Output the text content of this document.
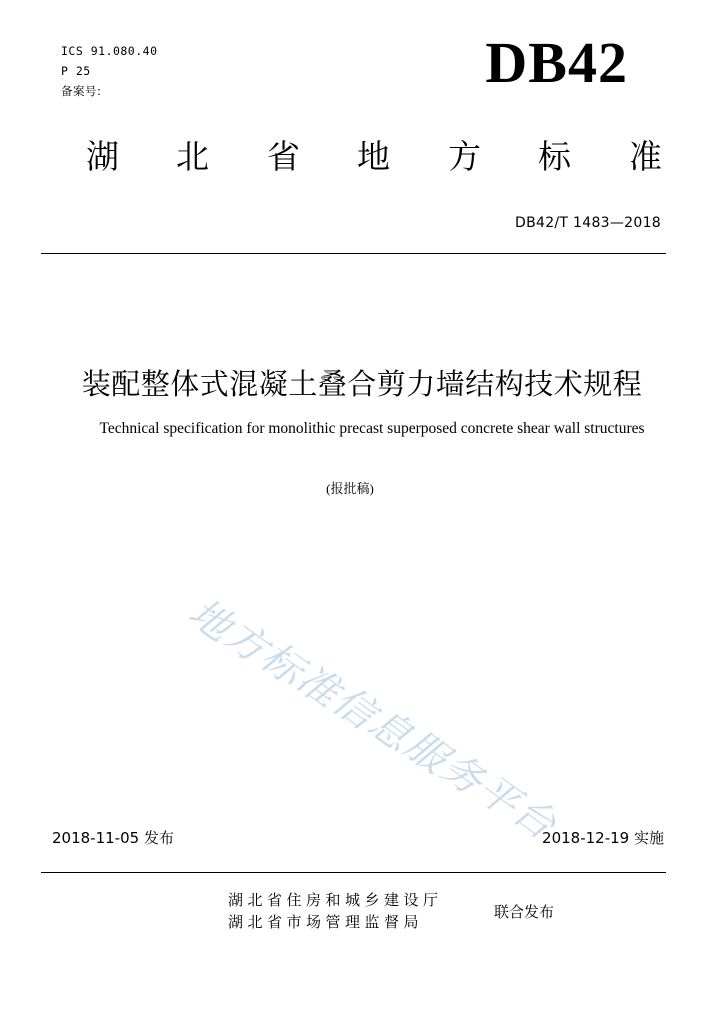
ICS 91.080.40
P 25
备案号:	DB42
湖 北 省 地 方 标 准
DB42/T 1483—2018
装配整体式混凝土叠合剪力墙结构技术规程
Technical specification for monolithic precast superposed concrete shear wall structures
(报批稿)
地
方
标
准
信
息
服
务
平
台
2018-11-05 发布	2018-12-19 实施
湖北省住房和城乡建设厅
湖北省市场管理监督局
联合发布
